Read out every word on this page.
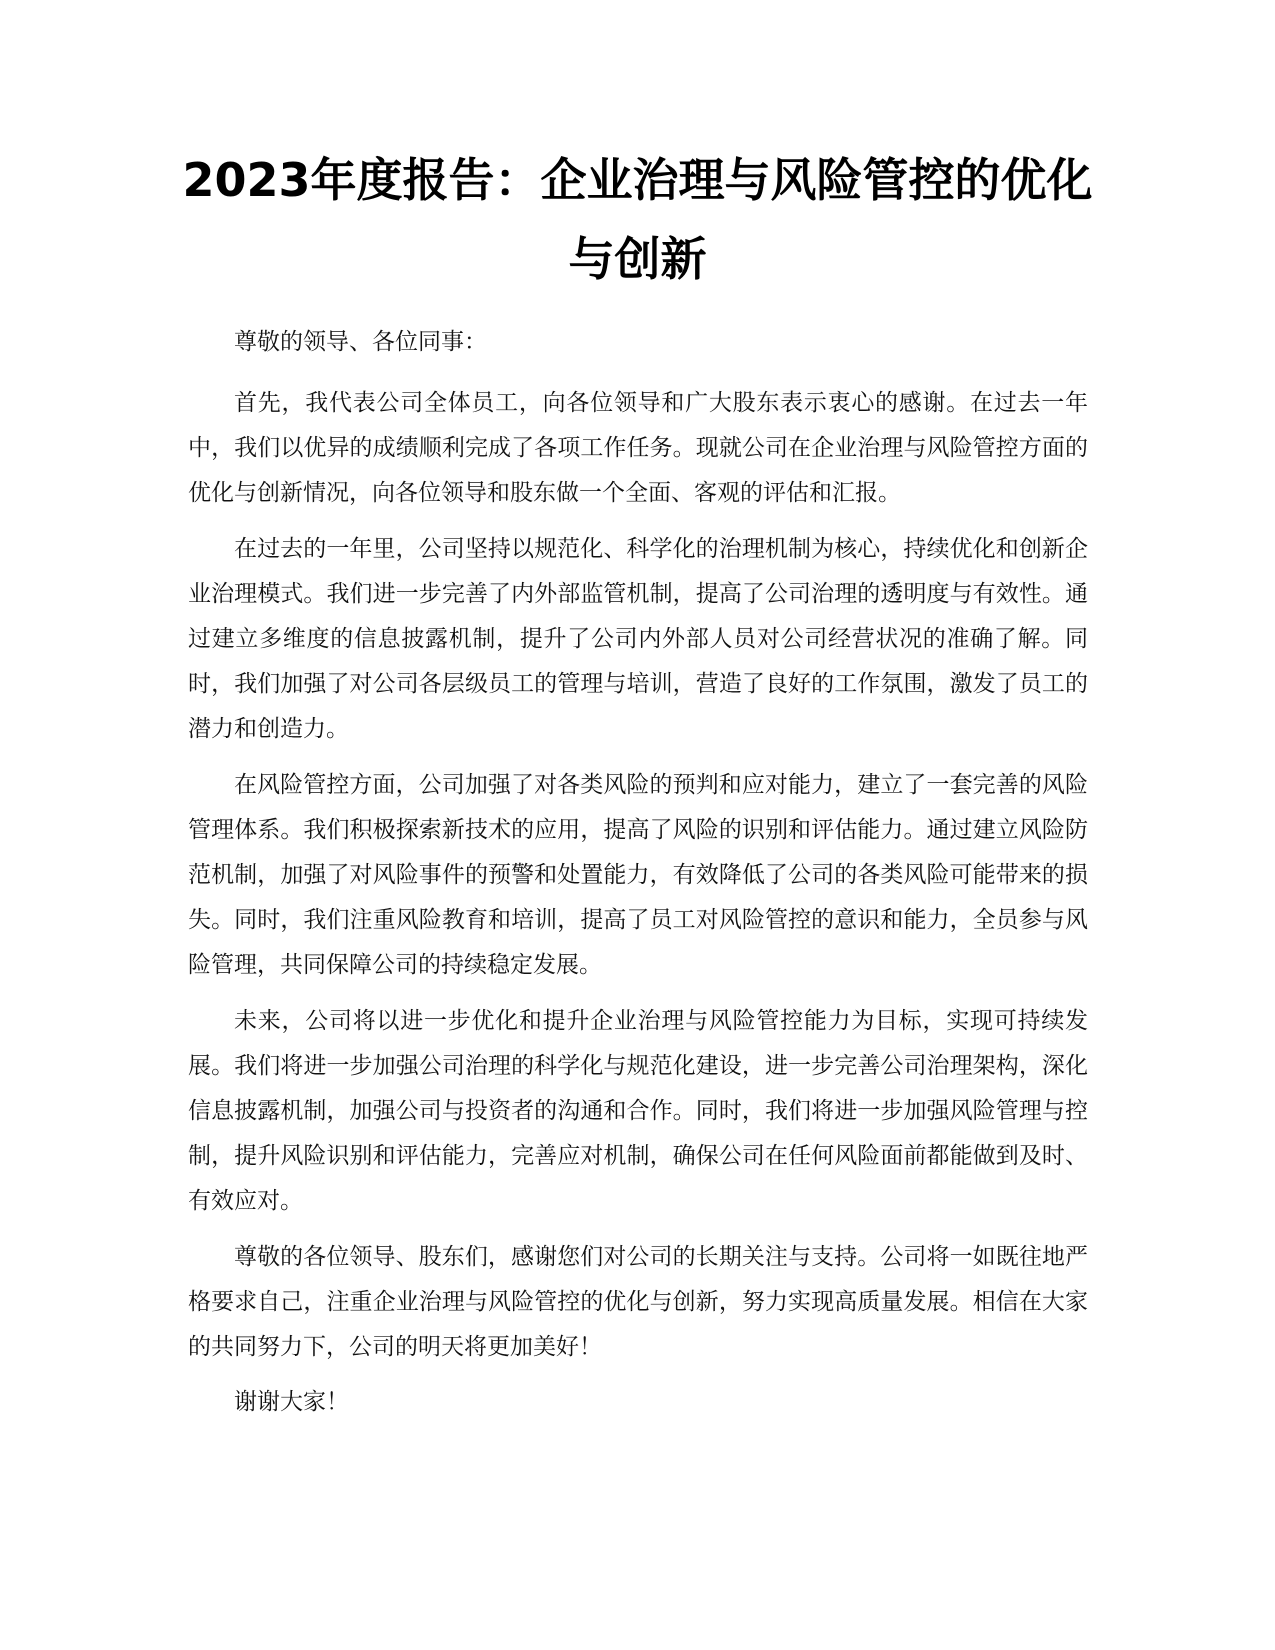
2023年度报告：企业治理与风险管控的优化
与创新

尊敬的领导、各位同事：

首先，我代表公司全体员工，向各位领导和广大股东表示衷心的感谢。在过去一年中，我们以优异的成绩顺利完成了各项工作任务。现就公司在企业治理与风险管控方面的优化与创新情况，向各位领导和股东做一个全面、客观的评估和汇报。

在过去的一年里，公司坚持以规范化、科学化的治理机制为核心，持续优化和创新企业治理模式。我们进一步完善了内外部监管机制，提高了公司治理的透明度与有效性。通过建立多维度的信息披露机制，提升了公司内外部人员对公司经营状况的准确了解。同时，我们加强了对公司各层级员工的管理与培训，营造了良好的工作氛围，激发了员工的潜力和创造力。

在风险管控方面，公司加强了对各类风险的预判和应对能力，建立了一套完善的风险管理体系。我们积极探索新技术的应用，提高了风险的识别和评估能力。通过建立风险防范机制，加强了对风险事件的预警和处置能力，有效降低了公司的各类风险可能带来的损失。同时，我们注重风险教育和培训，提高了员工对风险管控的意识和能力，全员参与风险管理，共同保障公司的持续稳定发展。

未来，公司将以进一步优化和提升企业治理与风险管控能力为目标，实现可持续发展。我们将进一步加强公司治理的科学化与规范化建设，进一步完善公司治理架构，深化信息披露机制，加强公司与投资者的沟通和合作。同时，我们将进一步加强风险管理与控制，提升风险识别和评估能力，完善应对机制，确保公司在任何风险面前都能做到及时、有效应对。

尊敬的各位领导、股东们，感谢您们对公司的长期关注与支持。公司将一如既往地严格要求自己，注重企业治理与风险管控的优化与创新，努力实现高质量发展。相信在大家的共同努力下，公司的明天将更加美好！

谢谢大家！
